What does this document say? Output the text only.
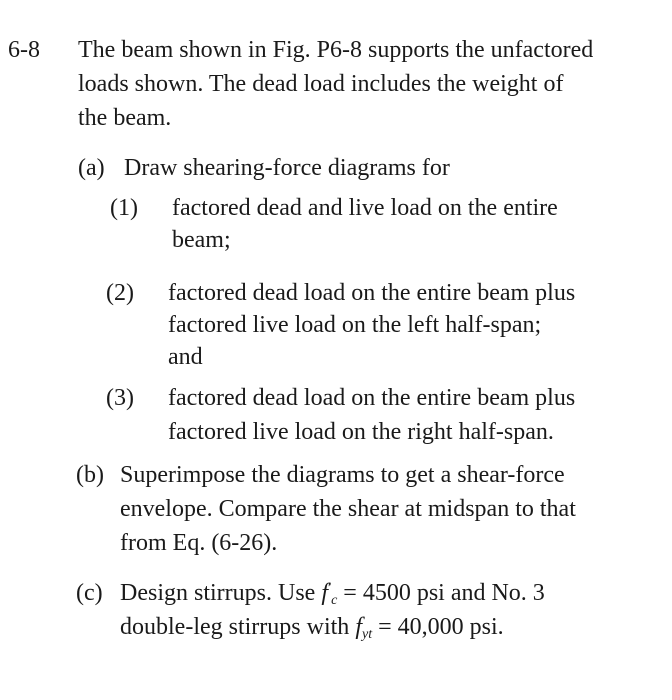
6-8 The beam shown in Fig. P6-8 supports the unfactored
loads shown. The dead load includes the weight of
the beam.
(a) Draw shearing-force diagrams for
(1) factored dead and live load on the entire
beam;
(2) factored dead load on the entire beam plus
factored live load on the left half-span;
and
(3) factored dead load on the entire beam plus
factored live load on the right half-span.
(b) Superimpose the diagrams to get a shear-force
envelope. Compare the shear at midspan to that
from Eq. (6-26).
(c) Design stirrups. Use $f'_c = 4500$ psi and No. 3
double-leg stirrups with $f_{yt} = 40,000$ psi.
